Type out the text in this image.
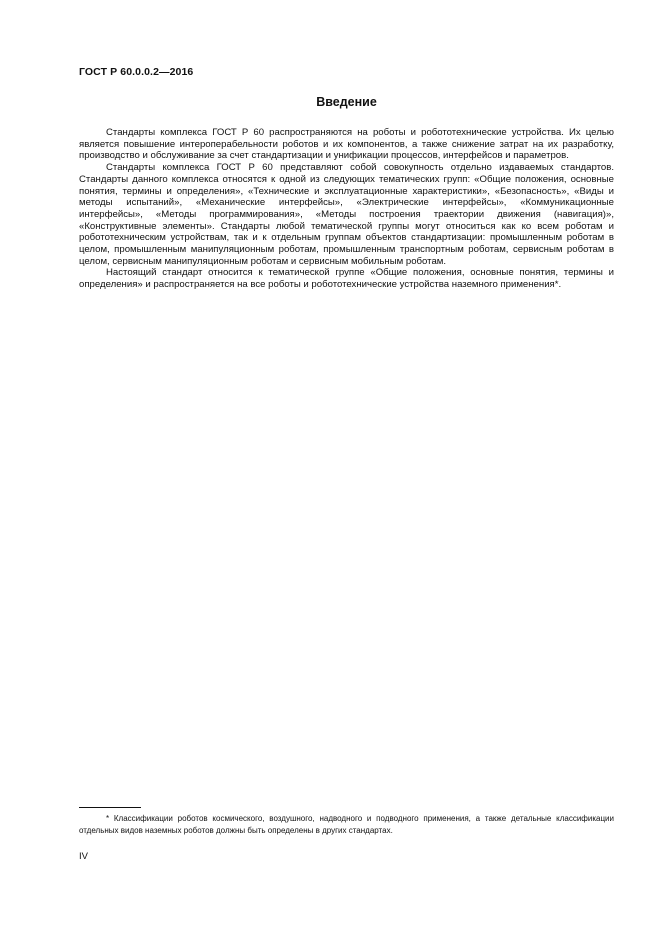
ГОСТ Р 60.0.0.2—2016
Введение

Стандарты комплекса ГОСТ Р 60 распространяются на роботы и робототехнические устройства. Их целью является повышение интероперабельности роботов и их компонентов, а также снижение затрат на их разработку, производство и обслуживание за счет стандартизации и унификации процессов, интерфейсов и параметров.

Стандарты комплекса ГОСТ Р 60 представляют собой совокупность отдельно издаваемых стандартов. Стандарты данного комплекса относятся к одной из следующих тематических групп: «Общие положения, основные понятия, термины и определения», «Технические и эксплуатационные характеристики», «Безопасность», «Виды и методы испытаний», «Механические интерфейсы», «Электрические интерфейсы», «Коммуникационные интерфейсы», «Методы программирования», «Методы построения траектории движения (навигация)», «Конструктивные элементы». Стандарты любой тематической группы могут относиться как ко всем роботам и робототехническим устройствам, так и к отдельным группам объектов стандартизации: промышленным роботам в целом, промышленным манипуляционным роботам, промышленным транспортным роботам, сервисным роботам в целом, сервисным манипуляционным роботам и сервисным мобильным роботам.

Настоящий стандарт относится к тематической группе «Общие положения, основные понятия, термины и определения» и распространяется на все роботы и робототехнические устройства наземного применения*.

* Классификации роботов космического, воздушного, надводного и подводного применения, а также детальные классификации отдельных видов наземных роботов должны быть определены в других стандартах.

IV
